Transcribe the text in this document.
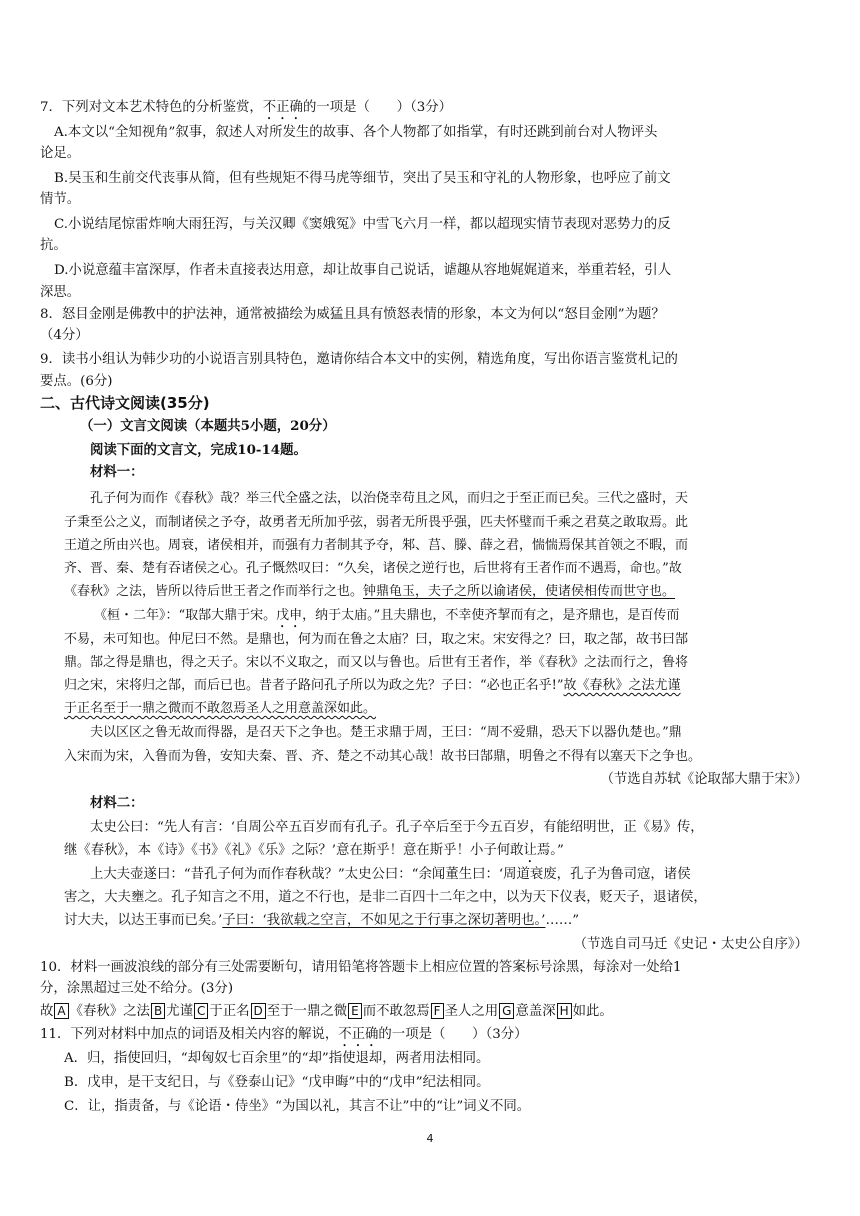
7．下列对文本艺术特色的分析鉴赏，不正确的一项是（　　）（3分）
A.本文以“全知视角”叙事，叙述人对所发生的故事、各个人物都了如指掌，有时还跳到前台对人物评头
论足。
B.吴玉和生前交代丧事从简，但有些规矩不得马虎等细节，突出了吴玉和守礼的人物形象，也呼应了前文
情节。
C.小说结尾惊雷炸响大雨狂泻，与关汉卿《窦娥冤》中雪飞六月一样，都以超现实情节表现对恶势力的反
抗。
D.小说意蕴丰富深厚，作者未直接表达用意，却让故事自己说话，谑趣从容地娓娓道来，举重若轻，引人
深思。
8．怒目金刚是佛教中的护法神，通常被描绘为威猛且具有愤怒表情的形象，本文为何以“怒目金刚”为题？
（4分）
9．读书小组认为韩少功的小说语言别具特色，邀请你结合本文中的实例，精选角度，写出你语言鉴赏札记的
要点。(6分)
二、古代诗文阅读(35分)
（一）文言文阅读（本题共5小题，20分）
阅读下面的文言文，完成10-14题。
材料一：
孔子何为而作《春秋》哉？举三代全盛之法，以治侥幸苟且之风，而归之于至正而已矣。三代之盛时，天
子秉至公之义，而制诸侯之予夺，故勇者无所加乎弦，弱者无所畏乎强，匹夫怀璧而千乘之君莫之敢取焉。此
王道之所由兴也。周衰，诸侯相并，而强有力者制其予夺，邾、莒、滕、薛之君，惴惴焉保其首领之不暇，而
齐、晋、秦、楚有吞诸侯之心。孔子慨然叹曰：“久矣，诸侯之逆行也，后世将有王者作而不遇焉，命也。”故
《春秋》之法，皆所以待后世王者之作而举行之也。钟鼎龟玉，夫子之所以谕诸侯，使诸侯相传而世守也。
《桓・二年》：“取郜大鼎于宋。戊申，纳于太庙。”且夫鼎也，不幸使齐挈而有之，是齐鼎也，是百传而
不易，未可知也。仲尼曰不然。是鼎也，何为而在鲁之太庙？曰，取之宋。宋安得之？曰，取之郜，故书曰郜
鼎。郜之得是鼎也，得之天子。宋以不义取之，而又以与鲁也。后世有王者作，举《春秋》之法而行之，鲁将
归之宋，宋将归之郜，而后已也。昔者子路问孔子所以为政之先？子曰：“必也正名乎!”故《春秋》之法尤谨
于正名至于一鼎之微而不敢忽焉圣人之用意盖深如此。
夫以区区之鲁无故而得器，是召天下之争也。楚王求鼎于周，王曰：“周不爱鼎，恐天下以器仇楚也。”鼎
入宋而为宋，入鲁而为鲁，安知夫秦、晋、齐、楚之不动其心哉！故书曰郜鼎，明鲁之不得有以塞天下之争也。
（节选自苏轼《论取郜大鼎于宋》）
材料二：
太史公曰：“先人有言：‘自周公卒五百岁而有孔子。孔子卒后至于今五百岁，有能绍明世，正《易》传，
继《春秋》，本《诗》《书》《礼》《乐》之际？’意在斯乎！意在斯乎！小子何敢让焉。”
上大夫壶遂曰：“昔孔子何为而作春秋哉？”太史公曰：“余闻董生曰：‘周道衰废，孔子为鲁司寇，诸侯
害之，大夫壅之。孔子知言之不用，道之不行也，是非二百四十二年之中，以为天下仪表，贬天子，退诸侯，
讨大夫，以达王事而已矣。’子曰：‘我欲载之空言，不如见之于行事之深切著明也。’……”
（节选自司马迁《史记・太史公自序》）
10．材料一画波浪线的部分有三处需要断句，请用铅笔将答题卡上相应位置的答案标号涂黑，每涂对一处给1
分，涂黑超过三处不给分。(3分)
故 A 《春秋》之法 B 尤谨 C 于正名 D 至于一鼎之微 E 而不敢忽焉 F 圣人之用 G 意盖深 H 如此。
11．下列对材料中加点的词语及相关内容的解说，不正确的一项是（　　）（3分）
A．归，指使回归，“却匈奴七百余里”的“却”指使退却，两者用法相同。
B．戊申，是干支纪日，与《登泰山记》“戊申晦”中的“戊申”纪法相同。
C．让，指责备，与《论语・侍坐》“为国以礼，其言不让”中的“让”词义不同。
4
